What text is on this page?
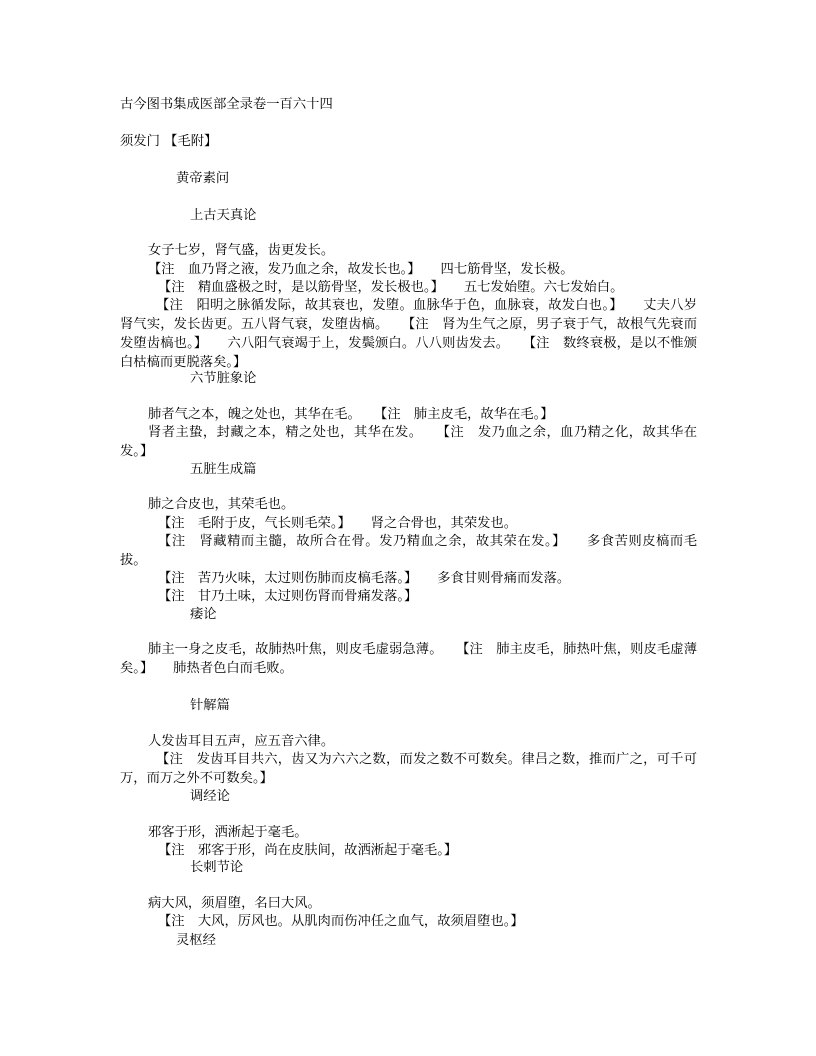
古今图书集成医部全录卷一百六十四
须发门 【毛附】
黄帝素问
上古天真论
女子七岁，肾气盛，齿更发长。
【注　血乃肾之液，发乃血之余，故发长也。】　　四七筋骨坚，发长极。
【注　精血盛极之时，是以筋骨坚，发长极也。】　　五七发始堕。六七发始白。
【注　阳明之脉循发际，故其衰也，发堕。血脉华于色，血脉衰，故发白也。】　　丈夫八岁肾气实，发长齿更。五八肾气衰，发堕齿槁。　　【注　肾为生气之原，男子衰于气，故根气先衰而发堕齿槁也。】　　六八阳气衰竭于上，发鬓颁白。八八则齿发去。　　【注　数终衰极，是以不惟颁白枯槁而更脱落矣。】
六节脏象论
肺者气之本，魄之处也，其华在毛。　　【注　肺主皮毛，故华在毛。】
肾者主蛰，封藏之本，精之处也，其华在发。　　【注　发乃血之余，血乃精之化，故其华在发。】
五脏生成篇
肺之合皮也，其荣毛也。
【注　毛附于皮，气长则毛荣。】　　肾之合骨也，其荣发也。
【注　肾藏精而主髓，故所合在骨。发乃精血之余，故其荣在发。】　　多食苦则皮槁而毛拔。
【注　苦乃火味，太过则伤肺而皮槁毛落。】　　多食甘则骨痛而发落。
【注　甘乃土味，太过则伤肾而骨痛发落。】
痿论
肺主一身之皮毛，故肺热叶焦，则皮毛虚弱急薄。　　【注　肺主皮毛，肺热叶焦，则皮毛虚薄矣。】　　肺热者色白而毛败。
针解篇
人发齿耳目五声，应五音六律。
【注　发齿耳目共六，齿又为六六之数，而发之数不可数矣。律吕之数，推而广之，可千可万，而万之外不可数矣。】
调经论
邪客于形，洒淅起于毫毛。
【注　邪客于形，尚在皮肤间，故洒淅起于毫毛。】
长刺节论
病大风，须眉堕，名曰大风。
【注　大风，厉风也。从肌肉而伤冲任之血气，故须眉堕也。】
灵枢经
